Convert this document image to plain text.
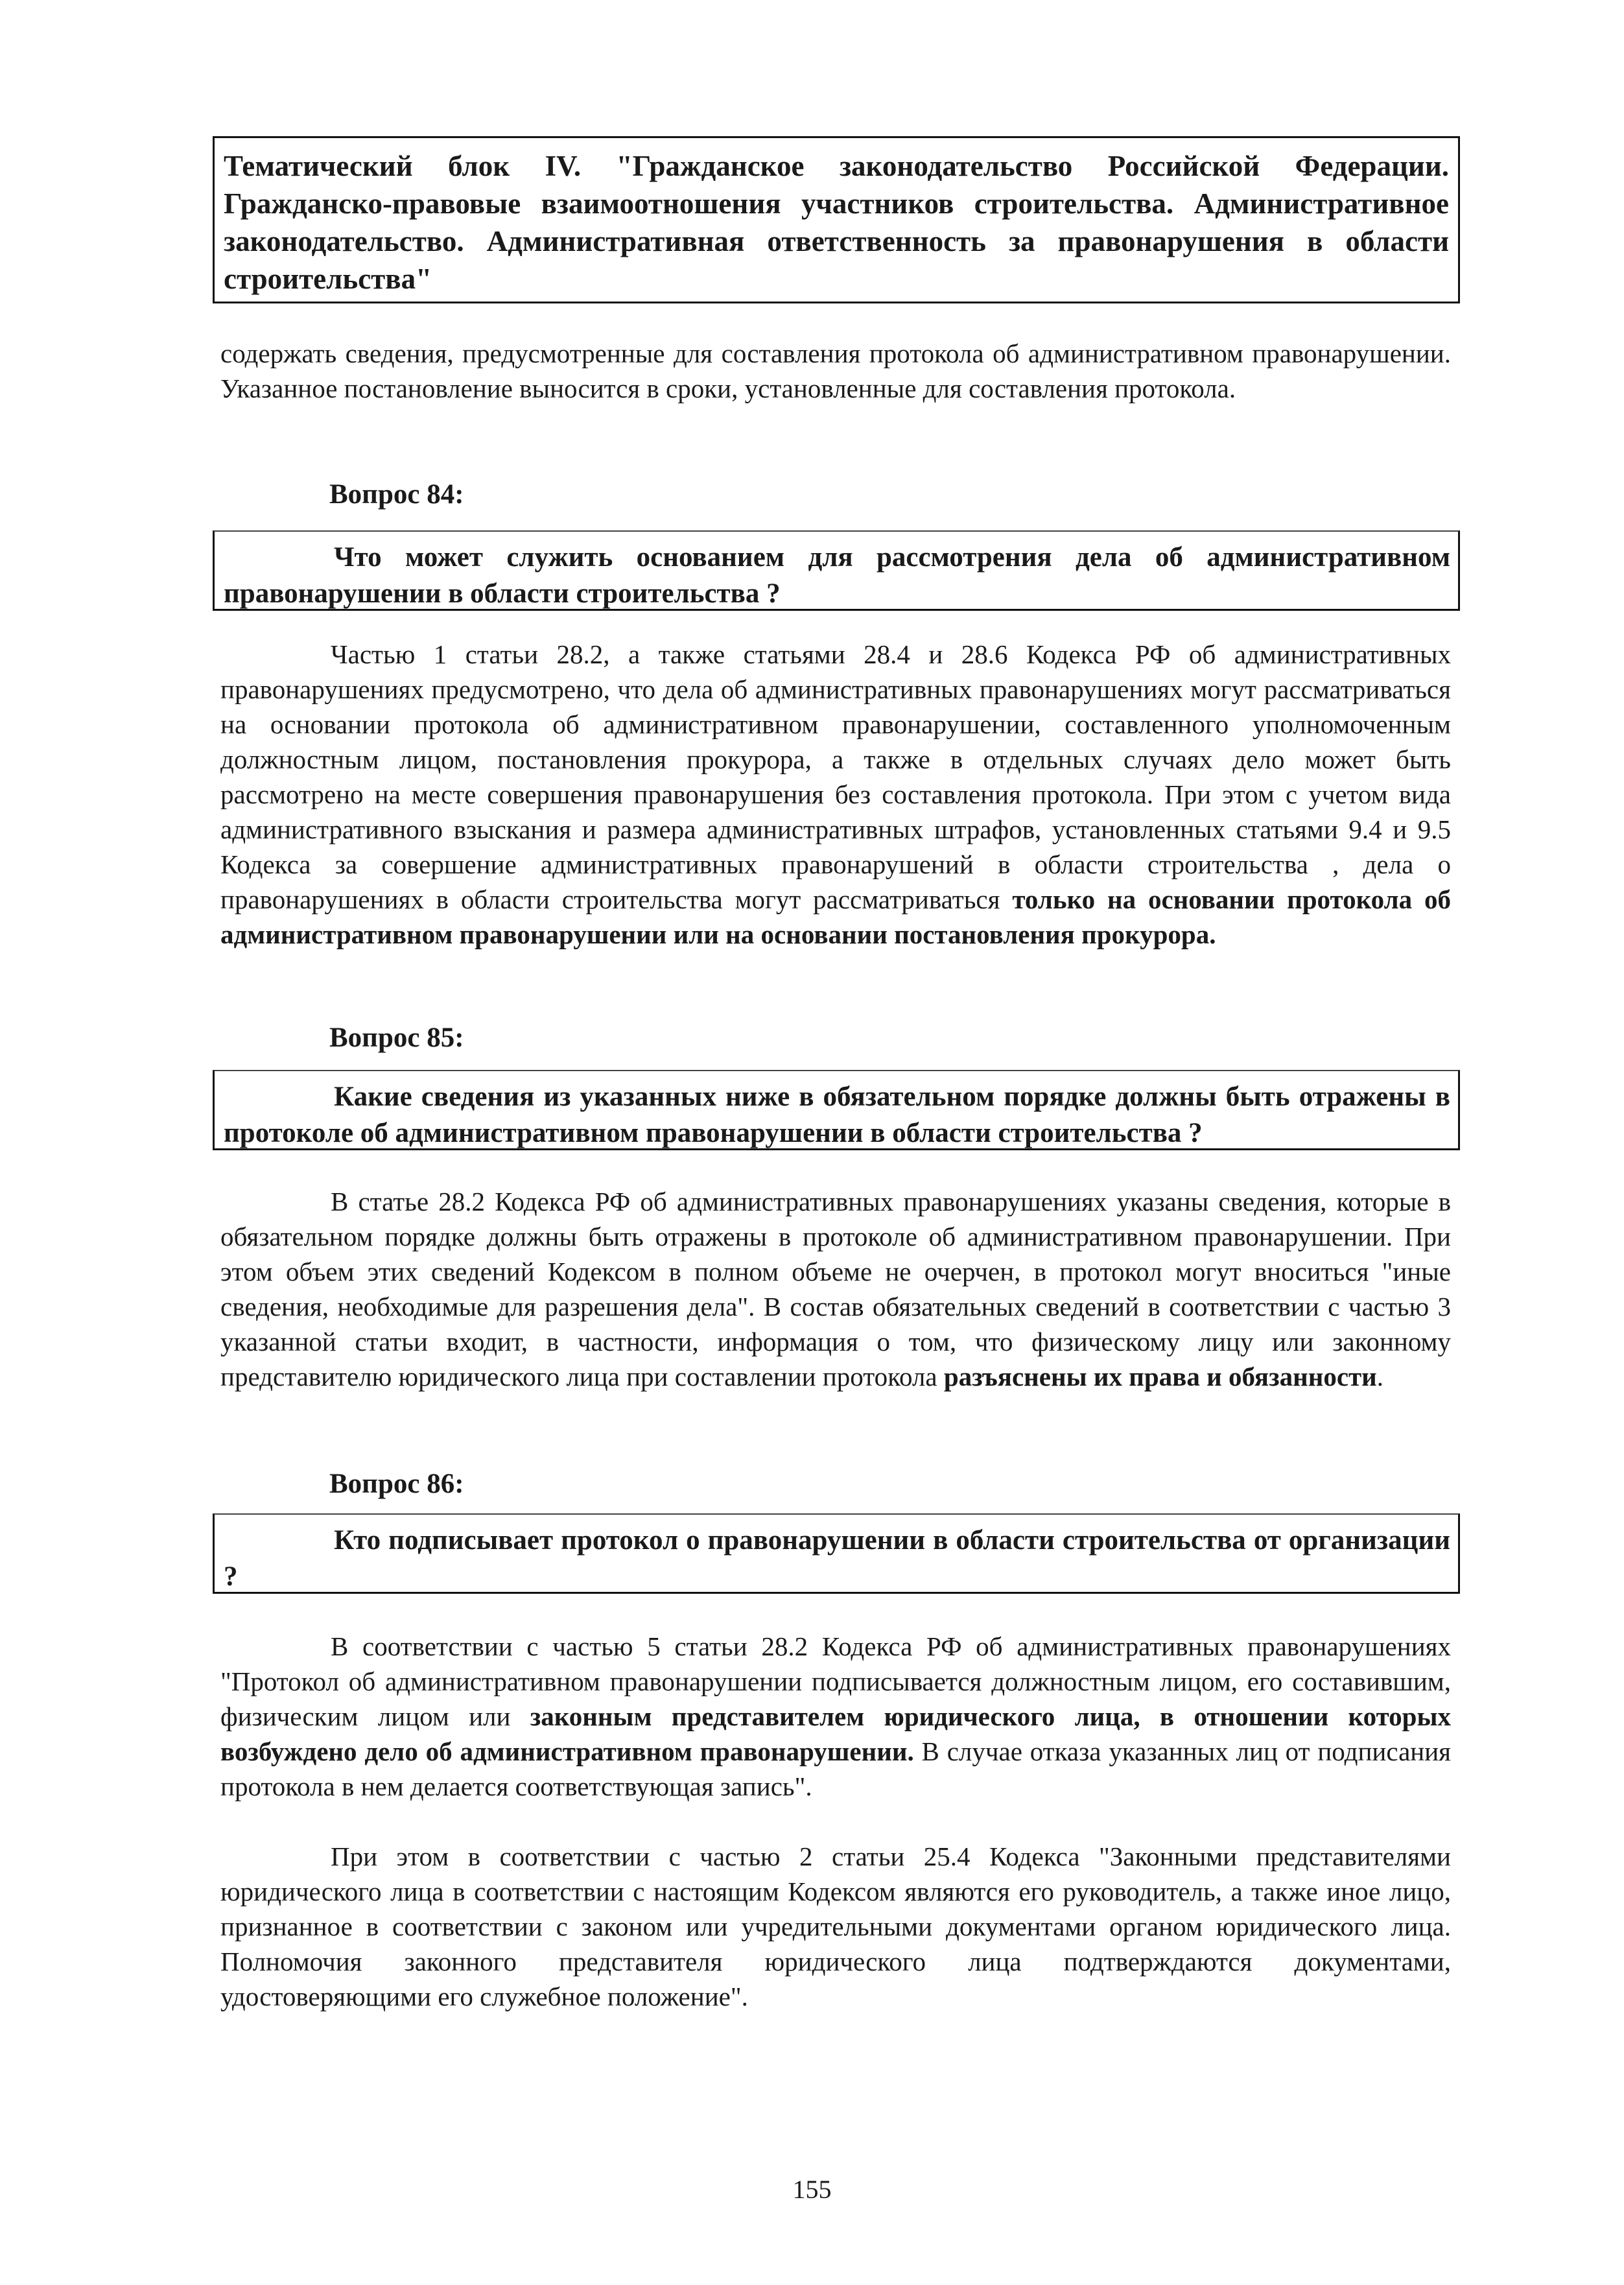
Тематический блок IV. "Гражданское законодательство Российской Федерации. Гражданско-правовые взаимоотношения участников строительства. Административное законодательство. Административная ответственность за правонарушения в области строительства"

содержать сведения, предусмотренные для составления протокола об административном правонарушении. Указанное постановление выносится в сроки, установленные для составления протокола.

Вопрос 84:
Что может служить основанием для рассмотрения дела об административном правонарушении в области строительства ?

Частью 1 статьи 28.2, а также статьями 28.4 и 28.6 Кодекса РФ об административных правонарушениях предусмотрено, что дела об административных правонарушениях могут рассматриваться на основании протокола об административном правонарушении, составленного уполномоченным должностным лицом, постановления прокурора, а также в отдельных случаях дело может быть рассмотрено на месте совершения правонарушения без составления протокола. При этом с учетом вида административного взыскания и размера административных штрафов, установленных статьями 9.4 и 9.5 Кодекса за совершение административных правонарушений в области строительства , дела о правонарушениях в области строительства могут рассматриваться только на основании протокола об административном правонарушении или на основании постановления прокурора.

Вопрос 85:
Какие сведения из указанных ниже в обязательном порядке должны быть отражены в протоколе об административном правонарушении в области строительства ?

В статье 28.2 Кодекса РФ об административных правонарушениях указаны сведения, которые в обязательном порядке должны быть отражены в протоколе об административном правонарушении. При этом объем этих сведений Кодексом в полном объеме не очерчен, в протокол могут вноситься "иные сведения, необходимые для разрешения дела". В состав обязательных сведений в соответствии с частью 3 указанной статьи входит, в частности, информация о том, что физическому лицу или законному представителю юридического лица при составлении протокола разъяснены их права и обязанности.

Вопрос 86:
Кто подписывает протокол о правонарушении в области строительства от организации ?

В соответствии с частью 5 статьи 28.2 Кодекса РФ об административных правонарушениях "Протокол об административном правонарушении подписывается должностным лицом, его составившим, физическим лицом или законным представителем юридического лица, в отношении которых возбуждено дело об административном правонарушении. В случае отказа указанных лиц от подписания протокола в нем делается соответствующая запись".

При этом в соответствии с частью 2 статьи 25.4 Кодекса "Законными представителями юридического лица в соответствии с настоящим Кодексом являются его руководитель, а также иное лицо, признанное в соответствии с законом или учредительными документами органом юридического лица. Полномочия законного представителя юридического лица подтверждаются документами, удостоверяющими его служебное положение".

155
